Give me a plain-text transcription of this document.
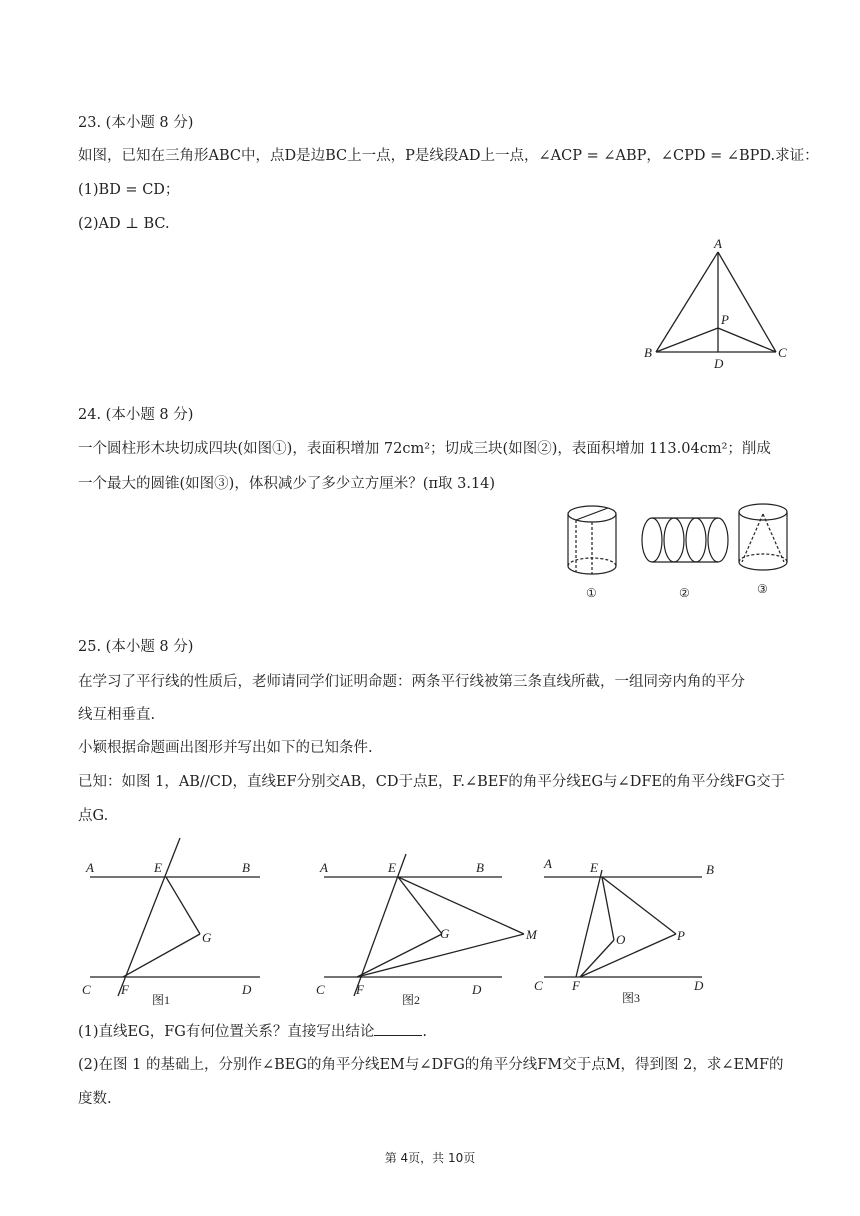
23. (本小题 8 分)
如图，已知在三角形ABC中，点D是边BC上一点，P是线段AD上一点，∠ACP = ∠ABP，∠CPD = ∠BPD.求证：
(1)BD = CD；
(2)AD ⊥ BC.
A
B	C
D
P
24. (本小题 8 分)
一个圆柱形木块切成四块(如图①)，表面积增加 72cm²；切成三块(如图②)，表面积增加 113.04cm²；削成
一个最大的圆锥(如图③)，体积减少了多少立方厘米？(π取 3.14)
①	②	③
25. (本小题 8 分)
在学习了平行线的性质后，老师请同学们证明命题：两条平行线被第三条直线所截，一组同旁内角的平分
线互相垂直.
小颖根据命题画出图形并写出如下的已知条件.
已知：如图 1，AB//CD，直线EF分别交AB，CD于点E，F.∠BEF的角平分线EG与∠DFE的角平分线FG交于
点G.
A	E	B
G
C F	D
图1
A	E	B
G	M
C F	D
图2
A	E	B
O	P
C F	D
图3
(1)直线EG，FG有何位置关系？直接写出结论	.
(2)在图 1 的基础上，分别作∠BEG的角平分线EM与∠DFG的角平分线FM交于点M，得到图 2，求∠EMF的
度数.
第 4页，共 10页
